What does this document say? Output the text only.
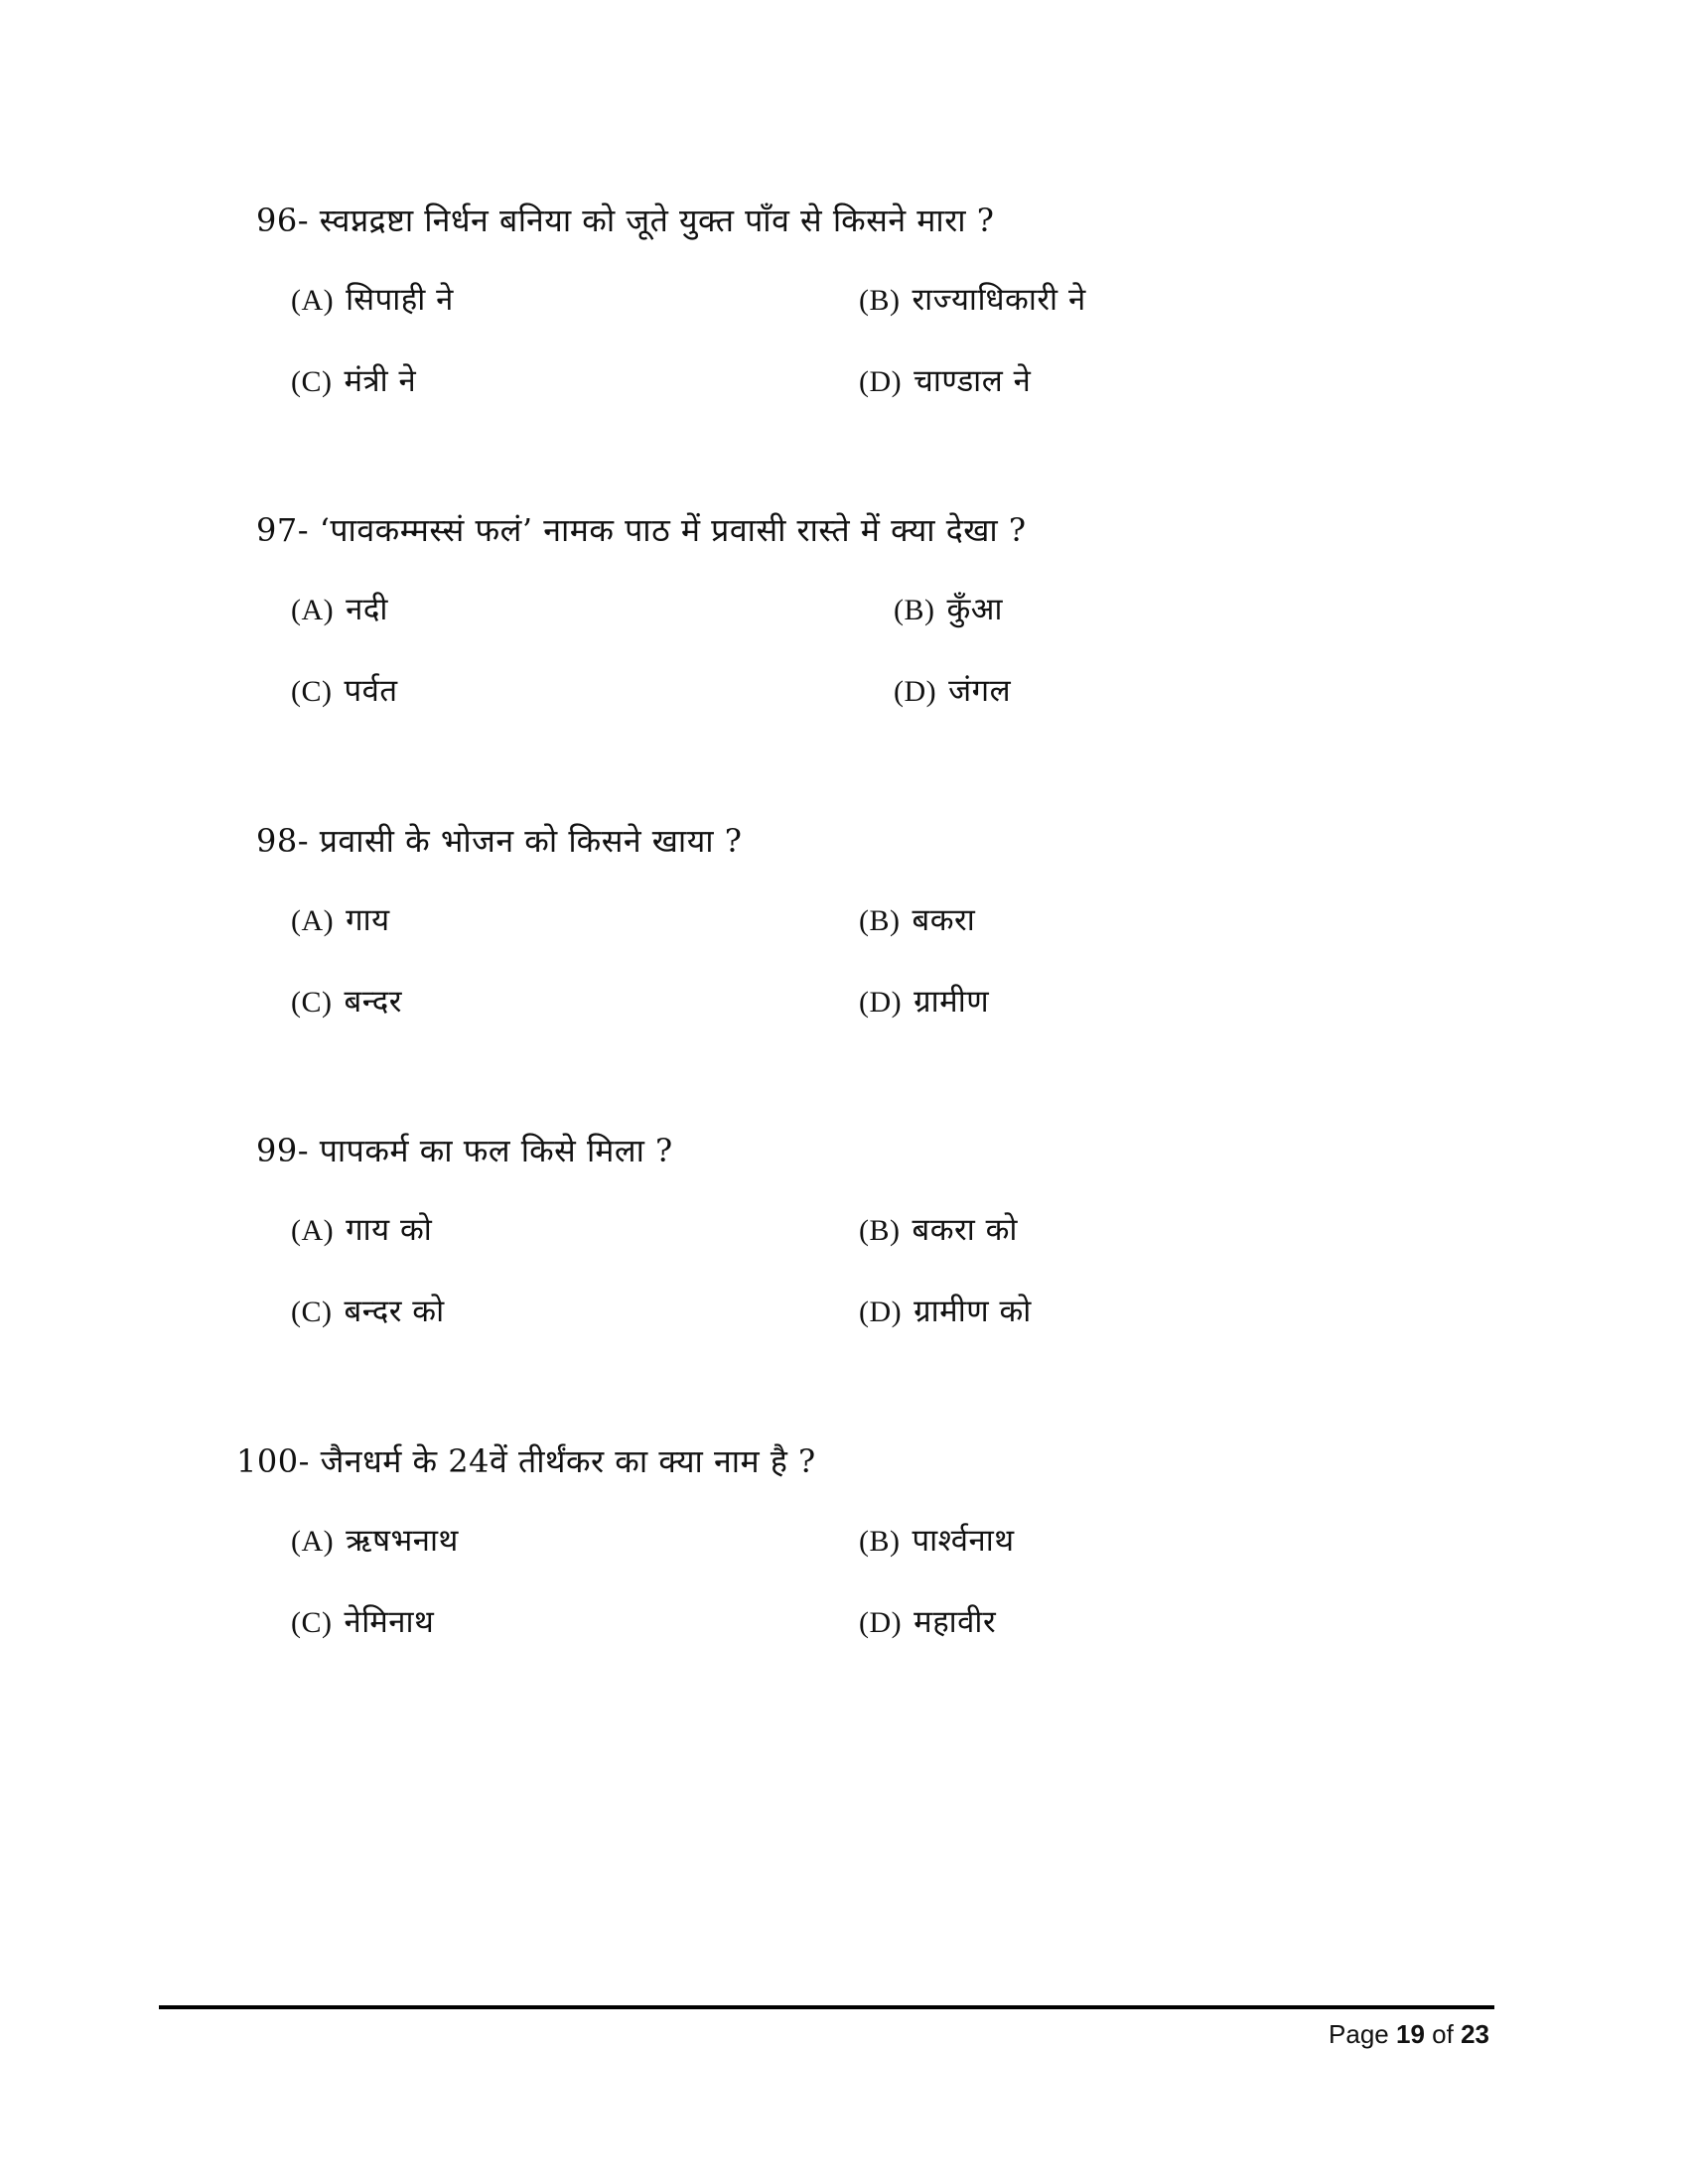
96- स्वप्नद्रष्टा निर्धन बनिया को जूते युक्त पाँव से किसने मारा ?
(A) सिपाही ने	(B) राज्याधिकारी ने
(C) मंत्री ने	(D) चाण्डाल ने
97- ‘पावकम्मस्सं फलं’ नामक पाठ में प्रवासी रास्ते में क्या देखा ?
(A) नदी	(B) कुँआ
(C) पर्वत	(D) जंगल
98- प्रवासी के भोजन को किसने खाया ?
(A) गाय	(B) बकरा
(C) बन्दर	(D) ग्रामीण
99- पापकर्म का फल किसे मिला ?
(A) गाय को	(B) बकरा को
(C) बन्दर को	(D) ग्रामीण को
100- जैनधर्म के 24वें तीर्थंकर का क्या नाम है ?
(A) ऋषभनाथ	(B) पार्श्वनाथ
(C) नेमिनाथ	(D) महावीर
Page 19 of 23
